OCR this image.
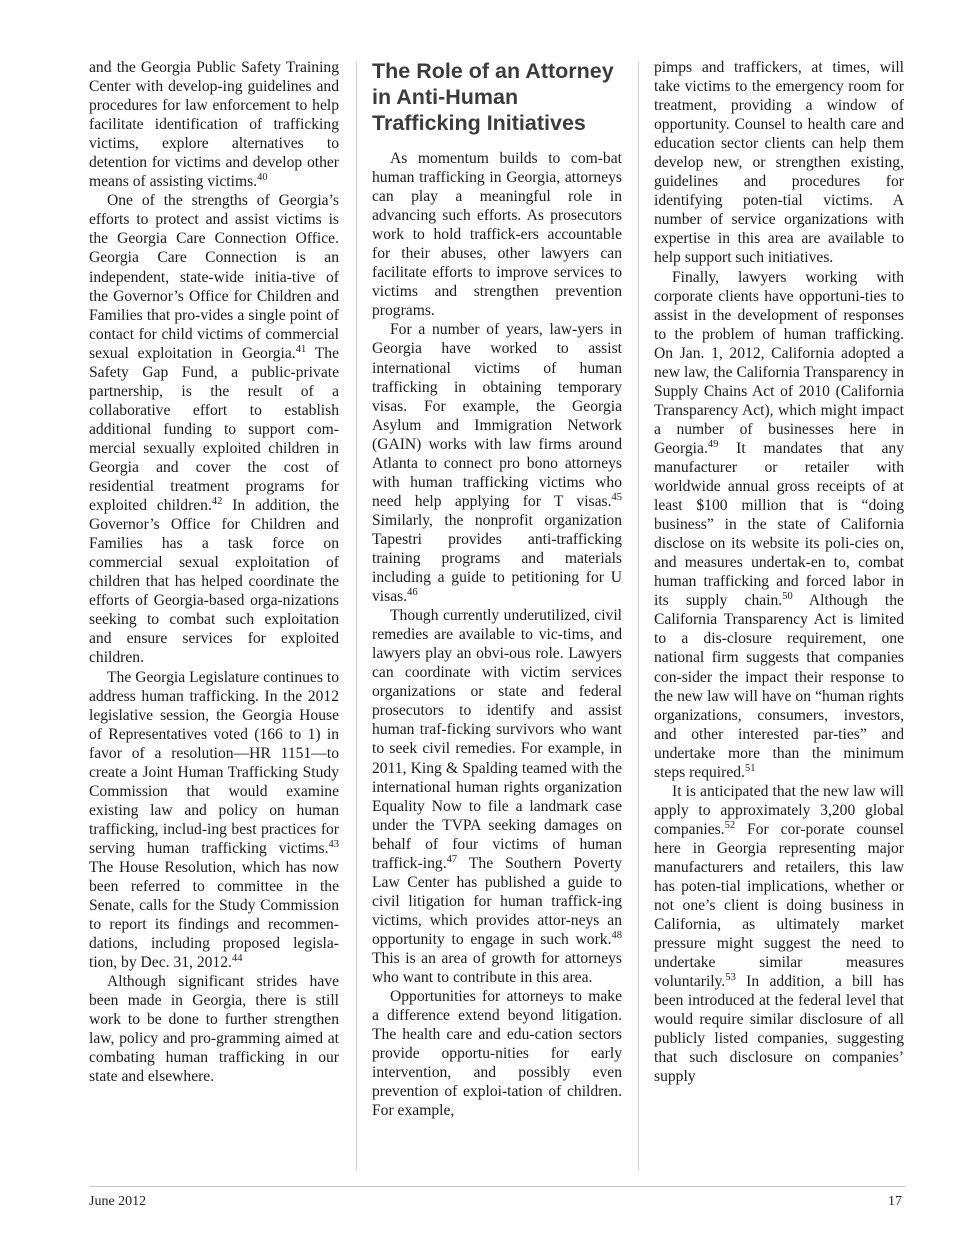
and the Georgia Public Safety Training Center with develop-ing guidelines and procedures for law enforcement to help facilitate identification of trafficking victims, explore alternatives to detention for victims and develop other means of assisting victims.$^{40}$

One of the strengths of Georgia’s efforts to protect and assist victims is the Georgia Care Connection Office. Georgia Care Connection is an independent, state-wide initia-tive of the Governor’s Office for Children and Families that pro-vides a single point of contact for child victims of commercial sexual exploitation in Georgia.$^{41}$ The Safety Gap Fund, a public-private partnership, is the result of a collaborative effort to establish additional funding to support com-mercial sexually exploited children in Georgia and cover the cost of residential treatment programs for exploited children.$^{42}$ In addition, the Governor’s Office for Children and Families has a task force on commercial sexual exploitation of children that has helped coordinate the efforts of Georgia-based orga-nizations seeking to combat such exploitation and ensure services for exploited children.

The Georgia Legislature continues to address human trafficking. In the 2012 legislative session, the Georgia House of Representatives voted (166 to 1) in favor of a resolution—HR 1151—to create a Joint Human Trafficking Study Commission that would examine existing law and policy on human trafficking, includ-ing best practices for serving human trafficking victims.$^{43}$ The House Resolution, which has now been referred to committee in the Senate, calls for the Study Commission to report its findings and recommen-dations, including proposed legisla-tion, by Dec. 31, 2012.44

Although significant strides have been made in Georgia, there is still work to be done to further strengthen law, policy and pro-gramming aimed at combating human trafficking in our state and elsewhere.

The Role of an Attorney in Anti-Human Trafficking Initiatives

As momentum builds to com-bat human trafficking in Georgia, attorneys can play a meaningful role in advancing such efforts. As prosecutors work to hold traffick-ers accountable for their abuses, other lawyers can facilitate efforts to improve services to victims and strengthen prevention programs.

For a number of years, law-yers in Georgia have worked to assist international victims of human trafficking in obtaining temporary visas. For example, the Georgia Asylum and Immigration Network (GAIN) works with law firms around Atlanta to connect pro bono attorneys with human trafficking victims who need help applying for T visas.$^{45}$ Similarly, the nonprofit organization Tapestri provides anti-trafficking training programs and materials including a guide to petitioning for U visas.$^{46}$

Though currently underutilized, civil remedies are available to vic-tims, and lawyers play an obvi-ous role. Lawyers can coordinate with victim services organizations or state and federal prosecutors to identify and assist human traf-ficking survivors who want to seek civil remedies. For example, in 2011, King & Spalding teamed with the international human rights organization Equality Now to file a landmark case under the TVPA seeking damages on behalf of four victims of human traffick-ing.$^{47}$ The Southern Poverty Law Center has published a guide to civil litigation for human traffick-ing victims, which provides attor-neys an opportunity to engage in such work.$^{48}$ This is an area of growth for attorneys who want to contribute in this area.

Opportunities for attorneys to make a difference extend beyond litigation. The health care and edu-cation sectors provide opportu-nities for early intervention, and possibly even prevention of exploi-tation of children. For example,

pimps and traffickers, at times, will take victims to the emergency room for treatment, providing a window of opportunity. Counsel to health care and education sector clients can help them develop new, or strengthen existing, guidelines and procedures for identifying poten-tial victims. A number of service organizations with expertise in this area are available to help support such initiatives.

Finally, lawyers working with corporate clients have opportuni-ties to assist in the development of responses to the problem of human trafficking. On Jan. 1, 2012, California adopted a new law, the California Transparency in Supply Chains Act of 2010 (California Transparency Act), which might impact a number of businesses here in Georgia.$^{49}$ It mandates that any manufacturer or retailer with worldwide annual gross receipts of at least $100 million that is “doing business” in the state of California disclose on its website its poli-cies on, and measures undertak-en to, combat human trafficking and forced labor in its supply chain.$^{50}$ Although the California Transparency Act is limited to a dis-closure requirement, one national firm suggests that companies con-sider the impact their response to the new law will have on “human rights organizations, consumers, investors, and other interested par-ties” and undertake more than the minimum steps required.$^{51}$

It is anticipated that the new law will apply to approximately 3,200 global companies.$^{52}$ For cor-porate counsel here in Georgia representing major manufacturers and retailers, this law has poten-tial implications, whether or not one’s client is doing business in California, as ultimately market pressure might suggest the need to undertake similar measures voluntarily.$^{53}$ In addition, a bill has been introduced at the federal level that would require similar disclosure of all publicly listed companies, suggesting that such disclosure on companies’ supply

June 2012	17
